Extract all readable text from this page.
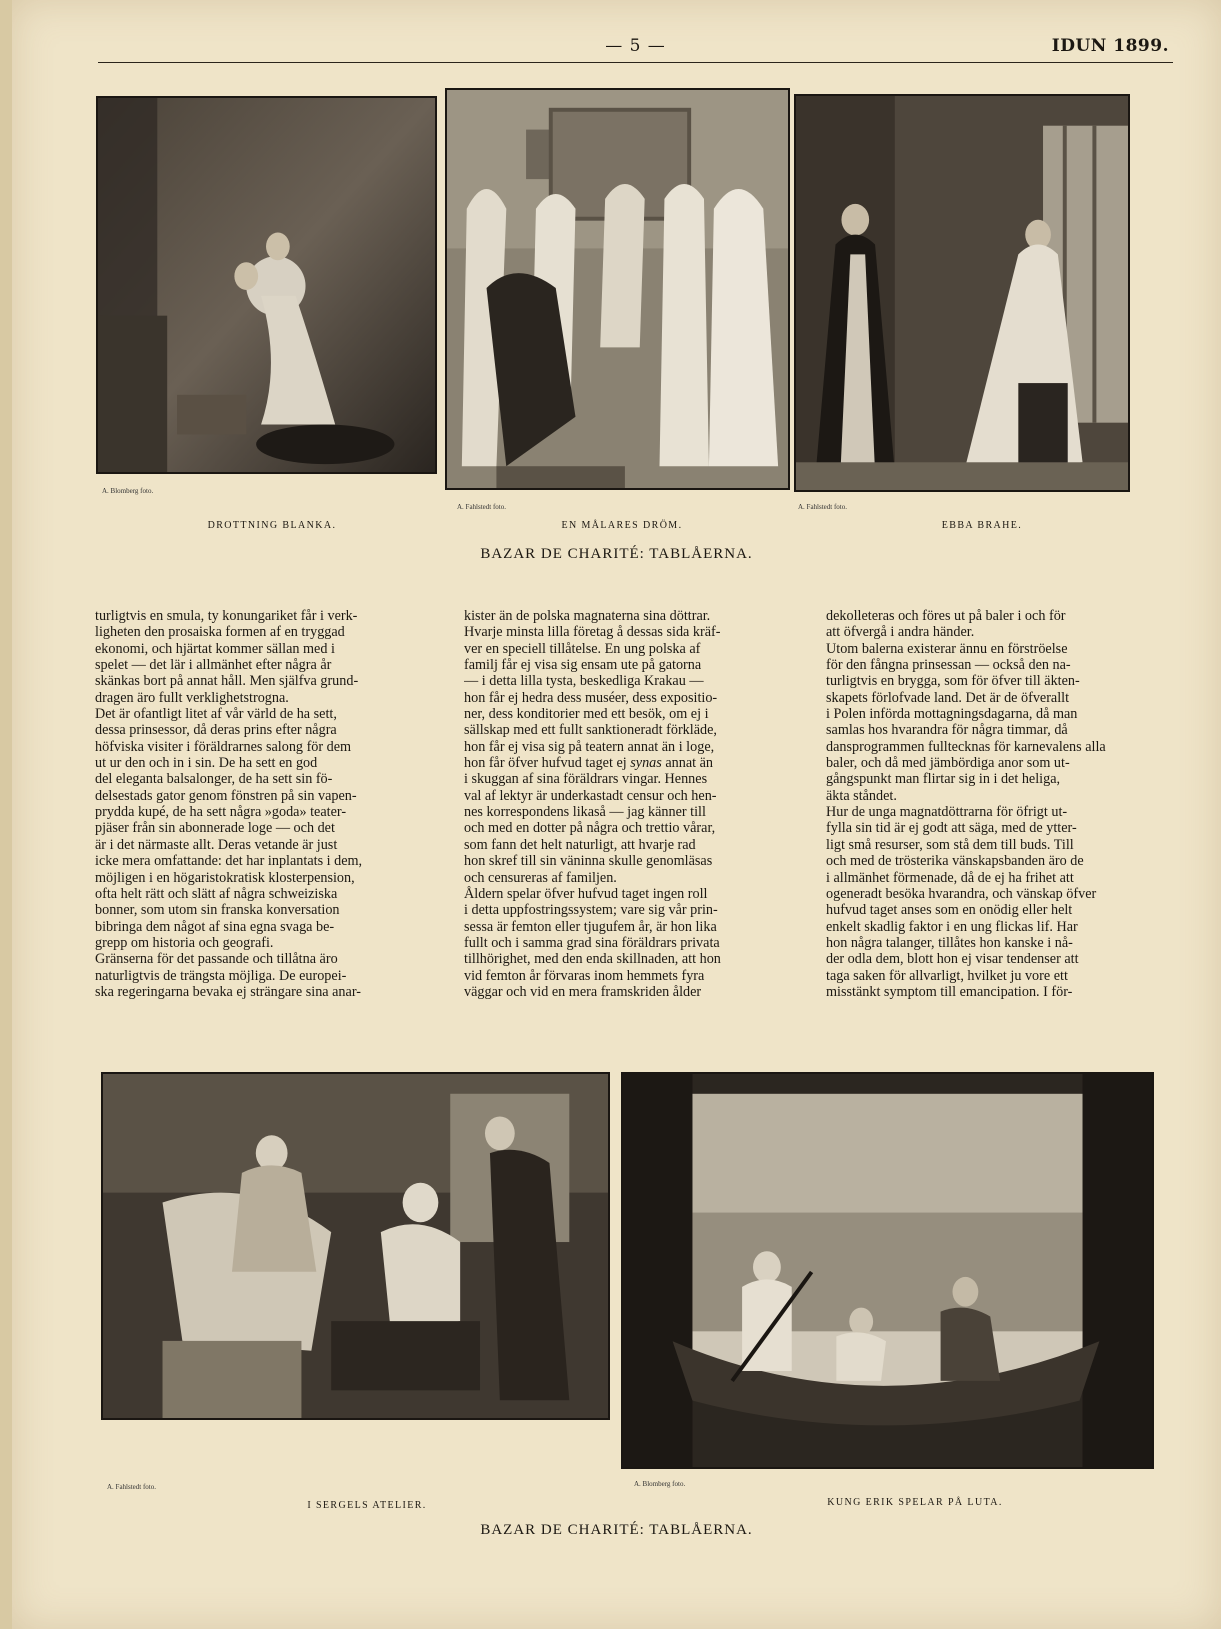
— 5 —	IDUN 1899.
A. Blomberg foto.
DROTTNING BLANKA.
A. Fahlstedt foto.
EN MÅLARES DRÖM.
A. Fahlstedt foto.
EBBA BRAHE.
BAZAR DE CHARITÉ: TABLÅERNA.
turligtvis en smula, ty konungariket får i verk-
ligheten den prosaiska formen af en tryggad
ekonomi, och hjärtat kommer sällan med i
spelet — det lär i allmänhet efter några år
skänkas bort på annat håll. Men själfva grund-
dragen äro fullt verklighetstrogna.
Det är ofantligt litet af vår värld de ha sett,
dessa prinsessor, då deras prins efter några
höfviska visiter i föräldrarnes salong för dem
ut ur den och in i sin. De ha sett en god
del eleganta balsalonger, de ha sett sin fö-
delsestads gator genom fönstren på sin vapen-
prydda kupé, de ha sett några »goda» teater-
pjäser från sin abonnerade loge — och det
är i det närmaste allt. Deras vetande är just
icke mera omfattande: det har inplantats i dem,
möjligen i en högaristokratisk klosterpension,
ofta helt rätt och slätt af några schweiziska
bonner, som utom sin franska konversation
bibringa dem något af sina egna svaga be-
grepp om historia och geografi.
Gränserna för det passande och tillåtna äro
naturligtvis de trängsta möjliga. De europei-
ska regeringarna bevaka ej strängare sina anar-
kister än de polska magnaterna sina döttrar.
Hvarje minsta lilla företag å dessas sida kräf-
ver en speciell tillåtelse. En ung polska af
familj får ej visa sig ensam ute på gatorna
— i detta lilla tysta, beskedliga Krakau —
hon får ej hedra dess muséer, dess expositio-
ner, dess konditorier med ett besök, om ej i
sällskap med ett fullt sanktioneradt förkläde,
hon får ej visa sig på teatern annat än i loge,
hon får öfver hufvud taget ej synas annat än
i skuggan af sina föräldrars vingar. Hennes
val af lektyr är underkastadt censur och hen-
nes korrespondens likaså — jag känner till
och med en dotter på några och trettio vårar,
som fann det helt naturligt, att hvarje rad
hon skref till sin väninna skulle genomläsas
och censureras af familjen.
Åldern spelar öfver hufvud taget ingen roll
i detta uppfostringssystem; vare sig vår prin-
sessa är femton eller tjugufem år, är hon lika
fullt och i samma grad sina föräldrars privata
tillhörighet, med den enda skillnaden, att hon
vid femton år förvaras inom hemmets fyra
väggar och vid en mera framskriden ålder
dekolleteras och föres ut på baler i och för
att öfvergå i andra händer.
Utom balerna existerar ännu en förströelse
för den fångna prinsessan — också den na-
turligtvis en brygga, som för öfver till äkten-
skapets förlofvade land. Det är de öfverallt
i Polen införda mottagningsdagarna, då man
samlas hos hvarandra för några timmar, då
dansprogrammen fulltecknas för karnevalens alla
baler, och då med jämbördiga anor som ut-
gångspunkt man flirtar sig in i det heliga,
äkta ståndet.
Hur de unga magnatdöttrarna för öfrigt ut-
fylla sin tid är ej godt att säga, med de ytter-
ligt små resurser, som stå dem till buds. Till
och med de trösterika vänskapsbanden äro de
i allmänhet förmenade, då de ej ha frihet att
ogeneradt besöka hvarandra, och vänskap öfver
hufvud taget anses som en onödig eller helt
enkelt skadlig faktor i en ung flickas lif. Har
hon några talanger, tillåtes hon kanske i nå-
der odla dem, blott hon ej visar tendenser att
taga saken för allvarligt, hvilket ju vore ett
misstänkt symptom till emancipation. I för-
A. Fahlstedt foto.
I SERGELS ATELIER.
A. Blomberg foto.
KUNG ERIK SPELAR PÅ LUTA.
BAZAR DE CHARITÉ: TABLÅERNA.
